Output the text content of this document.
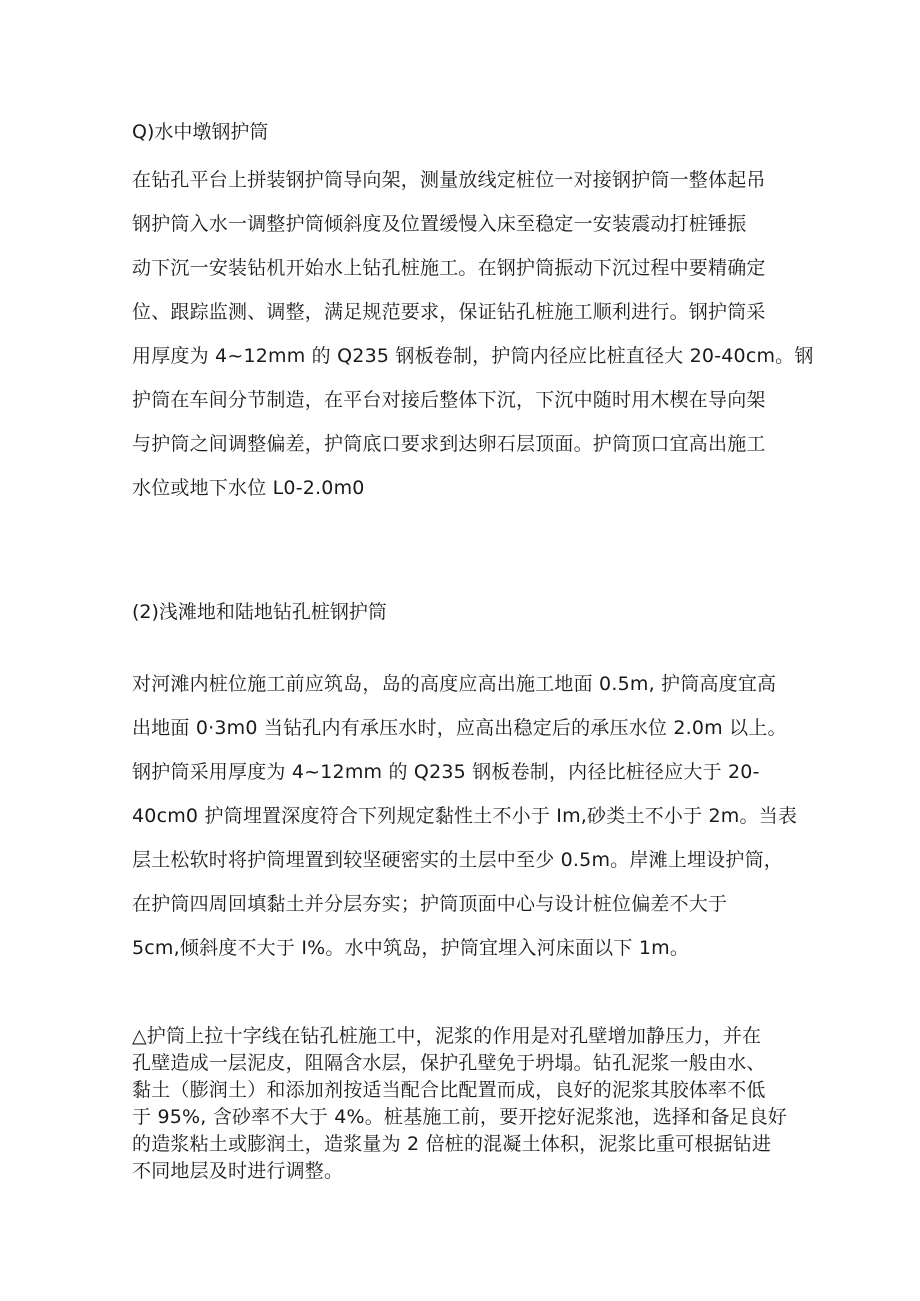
Q)水中墩钢护筒
在钻孔平台上拼装钢护筒导向架，测量放线定桩位一对接钢护筒一整体起吊
钢护筒入水一调整护筒倾斜度及位置缓慢入床至稳定一安装震动打桩锤振
动下沉一安装钻机开始水上钻孔桩施工。在钢护筒振动下沉过程中要精确定
位、跟踪监测、调整，满足规范要求，保证钻孔桩施工顺利进行。钢护筒采
用厚度为 4~12mm 的 Q235 钢板卷制，护筒内径应比桩直径大 20-40cm。钢
护筒在车间分节制造，在平台对接后整体下沉，下沉中随时用木楔在导向架
与护筒之间调整偏差，护筒底口要求到达卵石层顶面。护筒顶口宜高出施工
水位或地下水位 L0-2.0m0
(2)浅滩地和陆地钻孔桩钢护筒
对河滩内桩位施工前应筑岛，岛的高度应高出施工地面 0.5m, 护筒高度宜高
出地面 0·3m0 当钻孔内有承压水时，应高出稳定后的承压水位 2.0m 以上。
钢护筒采用厚度为 4~12mm 的 Q235 钢板卷制，内径比桩径应大于 20-
40cm0 护筒埋置深度符合下列规定黏性土不小于 Im,砂类土不小于 2m。当表
层土松软时将护筒埋置到较坚硬密实的土层中至少 0.5m。岸滩上埋设护筒，
在护筒四周回填黏土并分层夯实；护筒顶面中心与设计桩位偏差不大于
5cm,倾斜度不大于 I%。水中筑岛，护筒宜埋入河床面以下 1m。
△护筒上拉十字线在钻孔桩施工中，泥浆的作用是对孔壁增加静压力，并在
孔壁造成一层泥皮，阻隔含水层，保护孔壁免于坍塌。钻孔泥浆一般由水、
黏土（膨润土）和添加剂按适当配合比配置而成，良好的泥浆其胶体率不低
于 95%, 含砂率不大于 4%。桩基施工前，要开挖好泥浆池，选择和备足良好
的造浆粘土或膨润土，造浆量为 2 倍桩的混凝土体积，泥浆比重可根据钻进
不同地层及时进行调整。
